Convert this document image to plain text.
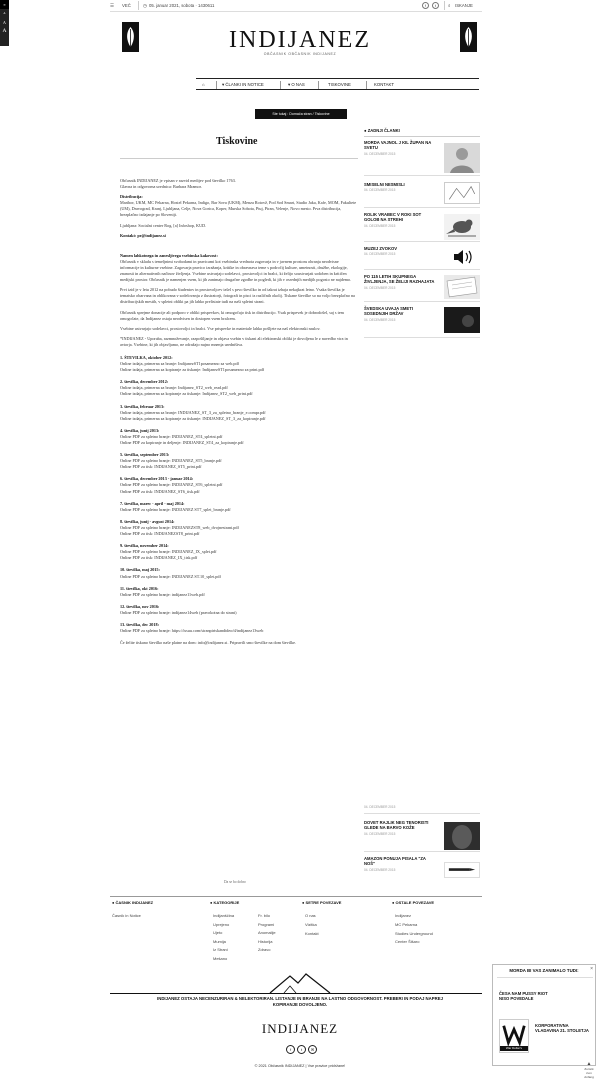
≡
A
A
A
☰ VEČ	◷ 05. januar 2021, sobota · 1430611	f	t	⌕ ISKANJE
INDIJANEZ
OBČASNIK OBČASNIK INDIJANEZ
⌂	▾ ČLANKI IN NOTICE	▾ O NAS	TISKOVINE	KONTAKT
Ste tukaj : Domača stran / Tiskovine
Tiskovine

Občasnik INDIJANEZ je vpisan v razvid medijev pod številko 1763.

Glavna in odgovorna urednica: Barbara Mramor.

Distribucija:

Maribor, UKM, MC Pekarna, Hostel Pekarna, Indigo, Bar Sova (UKM), Menza Rotovž, Pod Sod Smart, Studio Jaka, Kafe, MOM, Fakultete (UM), Dravograd, Kranj, Ljubljana, Celje, Nova Gorica, Koper, Murska Sobota, Ptuj, Piran, Velenje, Novo mesto. Prva distribucija, brezplačno izdajanje po Sloveniji.

Ljubljana: Socialni center Rog, [a] Infoshop, KUD.

Kontakt: pr@indijanez.si

Namen lahkotnega in zanesljivega vsebinska kakovost:

Občasnik v skladu s temeljnimi svobodami in pravicami kot vsebinska vrednota zagovarja in v javnem prostoru ohranja neodvisne informacije in kulturne vsebine. Zagovarja pravico izražanja, kritike in obravnava teme s področij kulture, umetnosti, družbe, ekologije, znanosti in alternativnih načinov življenja. Vsebine ustvarjajo sodelavci, prostovoljci in bralci, ki želijo soustvarjati sodoben in kritičen medijski prostor. Občasnik je namenjen vsem, ki jih zanimajo drugačne zgodbe in pogledi, ki jih v osrednjih medijih pogosto ne najdemo.

Prvi izid je v letu 2012 na pobudo študentov in prostovoljcev izšel s prvo številko in od takrat izhaja nekajkrat letno. Vsaka številka je tematsko obarvana in oblikovana v sodelovanju z ilustratorji, fotografi in pisci iz različnih okolij. Tiskane številke so na voljo brezplačno na distribucijskih mestih, v spletni obliki pa jih lahko prelistate tudi na naši spletni strani.

Občasnik sprejme donacije ali podporo v obliki prispevkov, ki omogočajo tisk in distribucijo. Vsak prispevek je dobrodošel, saj s tem omogočate, da Indijanez ostaja neodvisen in dostopen vsem bralcem.

Vsebine ustvarjajo sodelavci, prostovoljci in bralci. Vse prispevke in materiale lahko pošljete na naš elektronski naslov.

*INDIJANEZ - Uporaba, razmnoževanje, razpošiljanje in objava vsebin v tiskani ali elektronski obliki je dovoljena le z navedbo vira in avtorja. Vsebine, ki jih objavljamo, ne odražajo nujno mnenja uredništva.

1. ŠTEVILKA, oktober 2012:
Online izdaja, primerna za branje: IndijanezST1posamezno za web.pdf
Online izdaja, primerna za kopiranje za tiskanje: IndijanezST1posamezno za print.pdf
2. številka, december 2012:
Online izdaja, primerna za branje: Indijanez_ST2_web_read.pdf
Online izdaja, primerna za kopiranje za tiskanje: Indijanez_ST2_web_print.pdf
3. številka, februar 2013:
Online izdaja, primerna za branje: INDIJANEZ_ST_3_za_spletno_branje_e.compr.pdf
Online izdaja, primerna za kopiranje za tiskanje: INDIJANEZ_ST_3_za_kopiranje.pdf
4. številka, junij 2013:
Online PDF za spletno branje: INDIJANEZ_ST4_spletni.pdf
Online PDF za kopiranje in deljenje: INDIJANEZ_ST4_za_kopiranje.pdf
5. številka, september 2013:
Online PDF za spletno branje: INDIJANEZ_ST5_branje.pdf
Online PDF za tisk: INDIJANEZ_ST5_print.pdf
6. številka, december 2013 - januar 2014:
Online PDF za spletno branje: INDIJANEZ_ST6_spletni.pdf
Online PDF za tisk: INDIJANEZ_ST6_tisk.pdf
7. številka, marec - april - maj 2014:
Online PDF za spletno branje: INDIJANEZ ST7_splet_branje.pdf
8. številka, junij - avgust 2014:
Online PDF za spletno branje: INDIJANEZST8_web_dvojnestrani.pdf
Online PDF za tisk: INDIJANEZST8_print.pdf
9. številka, november 2014:
Online PDF za spletno branje: INDIJANEZ_IX_splet.pdf
Online PDF za tisk: INDIJANEZ_IX_tisk.pdf
10. številka, maj 2015:
Online PDF za spletno branje: INDIJANEZ ST.10_splet.pdf
11. številka, okt 2016:
Online PDF za spletno branje: indijanez11web.pdf
12. številka, nov 2016:
Online PDF za spletno branje: indijanez14web (pravokotna do strani)
13. številka, dec 2018:
Online PDF za spletno branje: https://issuu.com/stranpiriskandtdeo/d/indijanez13web

Če želite tiskano številko naše platne na dom: info@indijanez.si. Pripravili smo številke na dom številke.

Da se bo dobro
● ZADNJI ČLANKI
MORDA VAJNOL J KIL ŽUPAN NA SVETU
04. DECEMBER 2015
SMISELNI NESMISLI
04. DECEMBER 2015
ROLIK VRABEC V ROKI SOT GOLOB NA STREHI
04. DECEMBER 2015
MUZEJ ZVOKOV
04. DECEMBER 2015
PO 115 LETIH SKUPNEGA ŽIVLJENJA, SE ŽELIJI RAZHAJATA
04. DECEMBER 2015
ŠVEDSKA UVAJA SMETI SOSEDNJIH DRŽAV
04. DECEMBER 2015
04. DECEMBER 2015
DOVET RAJLIK NEG TENORISTI GLEDE NA BARVO KOŽE
04. DECEMBER 2015
AMAZON PONUJA PISALA "ZA NOŠ"
04. DECEMBER 2015
● ČASNIK INDIJANEZ
Časnik in Notice
● KATEGORIJE
Indijanščina
Uprejeno
Ujeto
Mumija
Iz Strani
Mešano
Fr. bilo
Programi
Anomalije
Historija
Zdravo
● SETRE POVEZAVE
O nas
Vizitka
Kontakt
● OSTALE POVEZAVE
Indijanez
MC Pekarna
Studies Underground
Center Šišaro
INDIJANEZ OSTAJA NECENZURIRAN & NELEKTORIRAN. LISTANJE IN BRANJE NA LASTNO ODGOVORNOST. PREBERI IN PODAJ NAPREJ KOPIRANJE DOVOLJENO.
INDIJANEZ
f	t	✉
© 2021 Občasnik INDIJANEZ | Vse pravice pridržane!
MORDA BI VAS ZANIMALO TUDI:	×
ČESA NAM PUSSY RIOT NISO POVEDALE
War Dollar's
KORPORATIVNA VLADAVINA 21. STOLETJA
▲
Zurück zum Anfang
